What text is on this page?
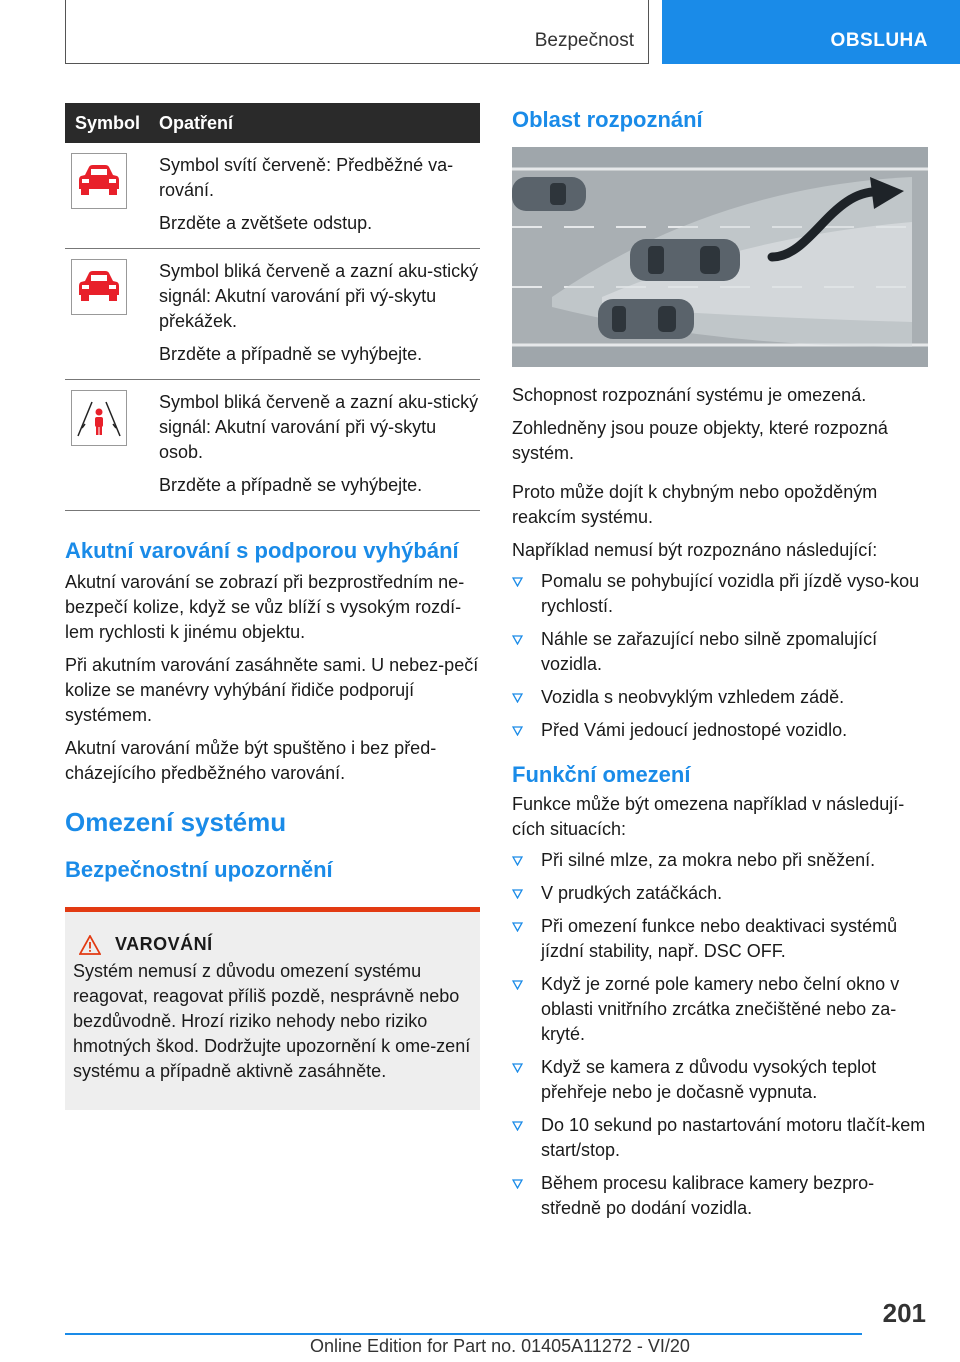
Bezpečnost	OBSLUHA
Symbol	Opatření

Symbol svítí červeně: Předběžné va-rování.

Brzděte a zvětšete odstup.

Symbol bliká červeně a zazní aku-stický signál: Akutní varování při vý-skytu překážek.

Brzděte a případně se vyhýbejte.

Symbol bliká červeně a zazní aku-stický signál: Akutní varování při vý-skytu osob.

Brzděte a případně se vyhýbejte.

Akutní varování s podporou vyhýbání

Akutní varování se zobrazí při bezprostředním ne-bezpečí kolize, když se vůz blíží s vysokým rozdí-lem rychlosti k jinému objektu.

Při akutním varování zasáhněte sami. U nebez-pečí kolize se manévry vyhýbání řidiče podporují systémem.

Akutní varování může být spuštěno i bez před-cházejícího předběžného varování.

Omezení systému
Bezpečnostní upozornění
VAROVÁNÍ

Systém nemusí z důvodu omezení systému reagovat, reagovat příliš pozdě, nesprávně nebo bezdůvodně. Hrozí riziko nehody nebo riziko hmotných škod. Dodržujte upozornění k ome-zení systému a případně aktivně zasáhněte.

Oblast rozpoznání

Schopnost rozpoznání systému je omezená.

Zohledněny jsou pouze objekty, které rozpozná systém.

Proto může dojít k chybným nebo opožděným reakcím systému.

Například nemusí být rozpoznáno následující:

Pomalu se pohybující vozidla při jízdě vyso-kou rychlostí.
Náhle se zařazující nebo silně zpomalující vozidla.
Vozidla s neobvyklým vzhledem zádě.
Před Vámi jedoucí jednostopé vozidlo.
Funkční omezení

Funkce může být omezena například v následují-cích situacích:

Při silné mlze, za mokra nebo při sněžení.
V prudkých zatáčkách.
Při omezení funkce nebo deaktivaci systémů jízdní stability, např. DSC OFF.
Když je zorné pole kamery nebo čelní okno v oblasti vnitřního zrcátka znečištěné nebo za-kryté.
Když se kamera z důvodu vysokých teplot přehřeje nebo je dočasně vypnuta.
Do 10 sekund po nastartování motoru tlačít-kem start/stop.
Během procesu kalibrace kamery bezpro-středně po dodání vozidla.
201
Online Edition for Part no. 01405A11272 - VI/20
